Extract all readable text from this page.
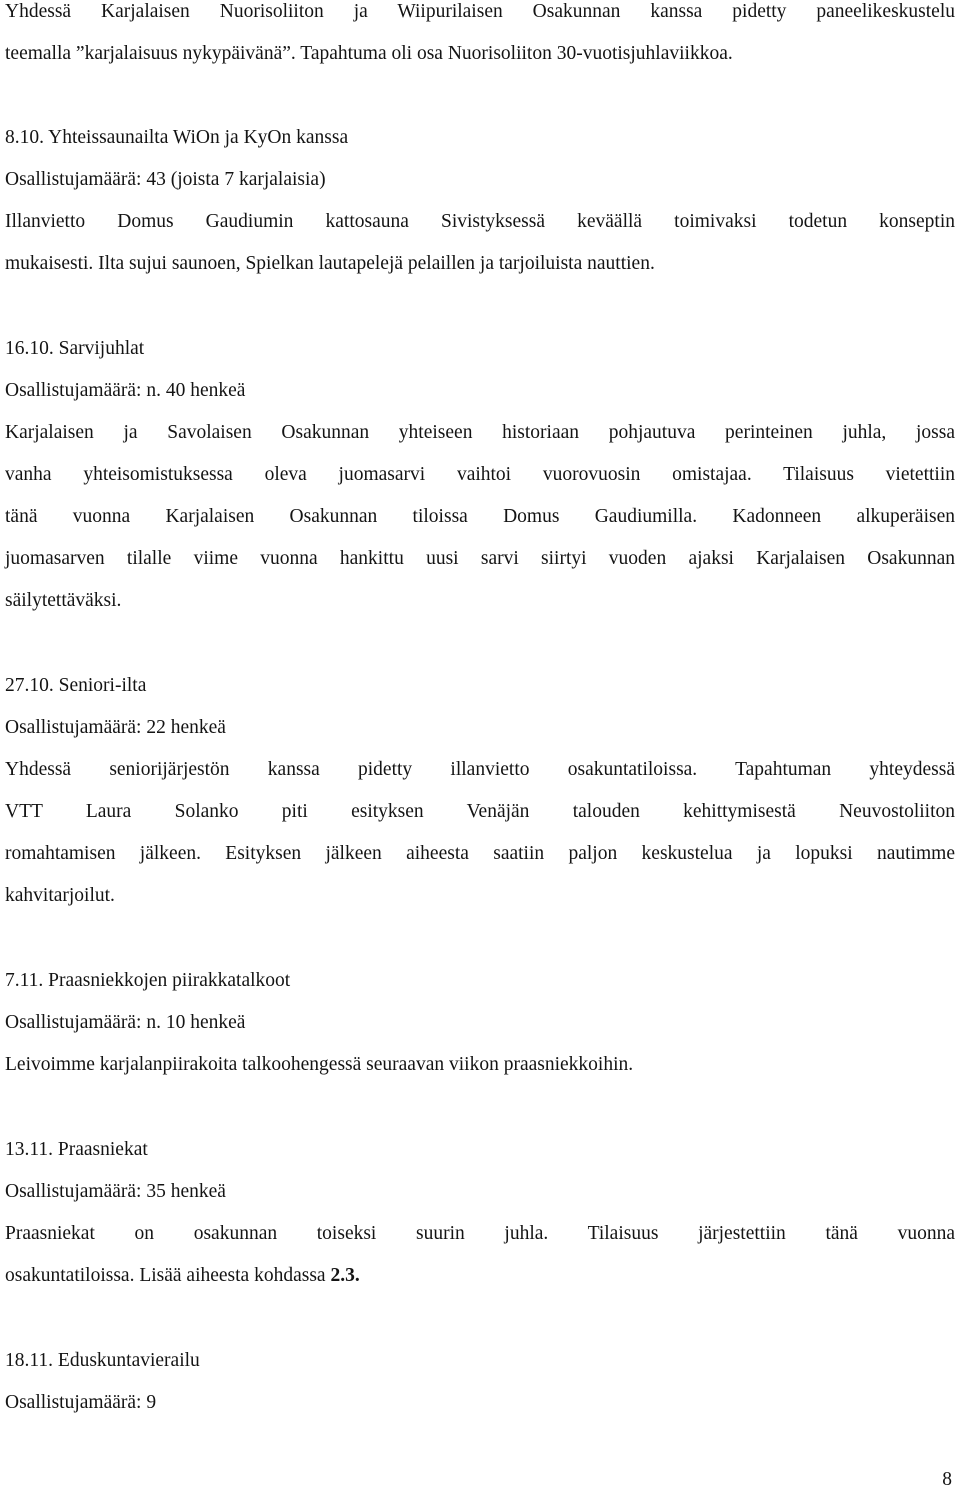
Yhdessä Karjalaisen Nuorisoliiton ja Wiipurilaisen Osakunnan kanssa pidetty paneelikeskustelu
teemalla ”karjalaisuus nykypäivänä”. Tapahtuma oli osa Nuorisoliiton 30-vuotisjuhlaviikkoa.
8.10. Yhteissaunailta WiOn ja KyOn kanssa
Osallistujamäärä: 43 (joista 7 karjalaisia)
Illanvietto Domus Gaudiumin kattosauna Sivistyksessä keväällä toimivaksi todetun konseptin
mukaisesti. Ilta sujui saunoen, Spielkan lautapelejä pelaillen ja tarjoiluista nauttien.
16.10. Sarvijuhlat
Osallistujamäärä: n. 40 henkeä
Karjalaisen ja Savolaisen Osakunnan yhteiseen historiaan pohjautuva perinteinen juhla, jossa
vanha yhteisomistuksessa oleva juomasarvi vaihtoi vuorovuosin omistajaa. Tilaisuus vietettiin
tänä vuonna Karjalaisen Osakunnan tiloissa Domus Gaudiumilla. Kadonneen alkuperäisen
juomasarven tilalle viime vuonna hankittu uusi sarvi siirtyi vuoden ajaksi Karjalaisen Osakunnan
säilytettäväksi.
27.10. Seniori-ilta
Osallistujamäärä: 22 henkeä
Yhdessä seniorijärjestön kanssa pidetty illanvietto osakuntatiloissa. Tapahtuman yhteydessä
VTT Laura Solanko piti esityksen Venäjän talouden kehittymisestä Neuvostoliiton
romahtamisen jälkeen. Esityksen jälkeen aiheesta saatiin paljon keskustelua ja lopuksi nautimme
kahvitarjoilut.
7.11. Praasniekkojen piirakkatalkoot
Osallistujamäärä: n. 10 henkeä
Leivoimme karjalanpiirakoita talkoohengessä seuraavan viikon praasniekkoihin.
13.11. Praasniekat
Osallistujamäärä: 35 henkeä
Praasniekat on osakunnan toiseksi suurin juhla. Tilaisuus järjestettiin tänä vuonna
osakuntatiloissa. Lisää aiheesta kohdassa 2.3.
18.11. Eduskuntavierailu
Osallistujamäärä: 9
8
